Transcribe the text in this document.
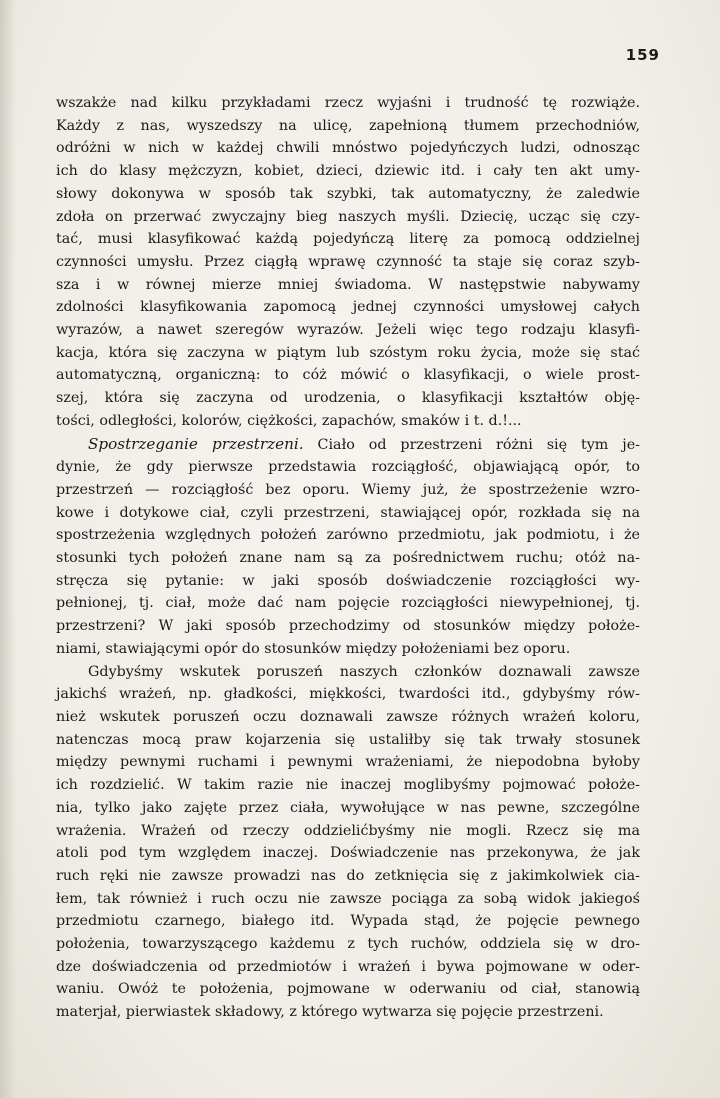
159
wszakże nad kilku przykładami rzecz wyjaśni i trudność tę rozwiąże.
Każdy z nas, wyszedszy na ulicę, zapełnioną tłumem przechodniów,
odróżni w nich w każdej chwili mnóstwo pojedyńczych ludzi, odnosząc
ich do klasy mężczyzn, kobiet, dzieci, dziewic itd. i cały ten akt umy-
słowy dokonywa w sposób tak szybki, tak automatyczny, że zaledwie
zdoła on przerwać zwyczajny bieg naszych myśli. Dziecię, ucząc się czy-
tać, musi klasyfikować każdą pojedyńczą literę za pomocą oddzielnej
czynności umysłu. Przez ciągłą wprawę czynność ta staje się coraz szyb-
sza i w równej mierze mniej świadoma. W następstwie nabywamy
zdolności klasyfikowania zapomocą jednej czynności umysłowej całych
wyrazów, a nawet szeregów wyrazów. Jeżeli więc tego rodzaju klasyfi-
kacja, która się zaczyna w piątym lub szóstym roku życia, może się stać
automatyczną, organiczną: to cóż mówić o klasyfikacji, o wiele prost-
szej, która się zaczyna od urodzenia, o klasyfikacji kształtów obję-
tości, odległości, kolorów, ciężkości, zapachów, smaków i t. d.!...
Spostrzeganie przestrzeni. Ciało od przestrzeni różni się tym je-
dynie, że gdy pierwsze przedstawia rozciągłość, objawiającą opór, to
przestrzeń — rozciągłość bez oporu. Wiemy już, że spostrzeżenie wzro-
kowe i dotykowe ciał, czyli przestrzeni, stawiającej opór, rozkłada się na
spostrzeżenia względnych położeń zarówno przedmiotu, jak podmiotu, i że
stosunki tych położeń znane nam są za pośrednictwem ruchu; otóż na-
stręcza się pytanie: w jaki sposób doświadczenie rozciągłości wy-
pełnionej, tj. ciał, może dać nam pojęcie rozciągłości niewypełnionej, tj.
przestrzeni? W jaki sposób przechodzimy od stosunków między położe-
niami, stawiającymi opór do stosunków między położeniami bez oporu.
Gdybyśmy wskutek poruszeń naszych członków doznawali zawsze
jakichś wrażeń, np. gładkości, miękkości, twardości itd., gdybyśmy rów-
nież wskutek poruszeń oczu doznawali zawsze różnych wrażeń koloru,
natenczas mocą praw kojarzenia się ustaliłby się tak trwały stosunek
między pewnymi ruchami i pewnymi wrażeniami, że niepodobna byłoby
ich rozdzielić. W takim razie nie inaczej moglibyśmy pojmować położe-
nia, tylko jako zajęte przez ciała, wywołujące w nas pewne, szczególne
wrażenia. Wrażeń od rzeczy oddzielićbyśmy nie mogli. Rzecz się ma
atoli pod tym względem inaczej. Doświadczenie nas przekonywa, że jak
ruch ręki nie zawsze prowadzi nas do zetknięcia się z jakimkolwiek cia-
łem, tak również i ruch oczu nie zawsze pociąga za sobą widok jakiegoś
przedmiotu czarnego, białego itd. Wypada stąd, że pojęcie pewnego
położenia, towarzyszącego każdemu z tych ruchów, oddziela się w dro-
dze doświadczenia od przedmiotów i wrażeń i bywa pojmowane w oder-
waniu. Owóż te położenia, pojmowane w oderwaniu od ciał, stanowią
materjał, pierwiastek składowy, z którego wytwarza się pojęcie przestrzeni.
